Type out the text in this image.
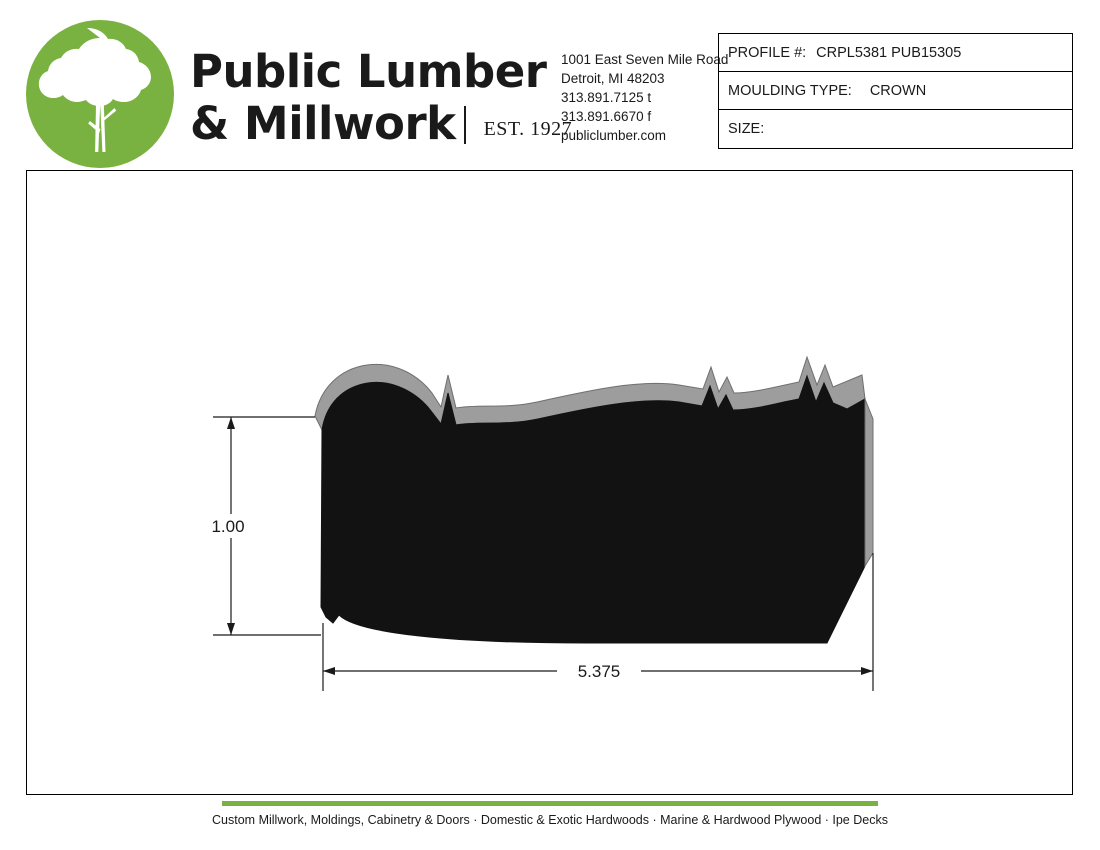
Public Lumber
& Millwork EST. 1927
1001 East Seven Mile Road
Detroit, MI 48203
313.891.7125 t
313.891.6670 f
publiclumber.com
PROFILE #: CRPL5381 PUB15305
MOULDING TYPE: CROWN
SIZE:
1.00
5.375
Custom Millwork, Moldings, Cabinetry & Doors · Domestic & Exotic Hardwoods · Marine & Hardwood Plywood · Ipe Decks
